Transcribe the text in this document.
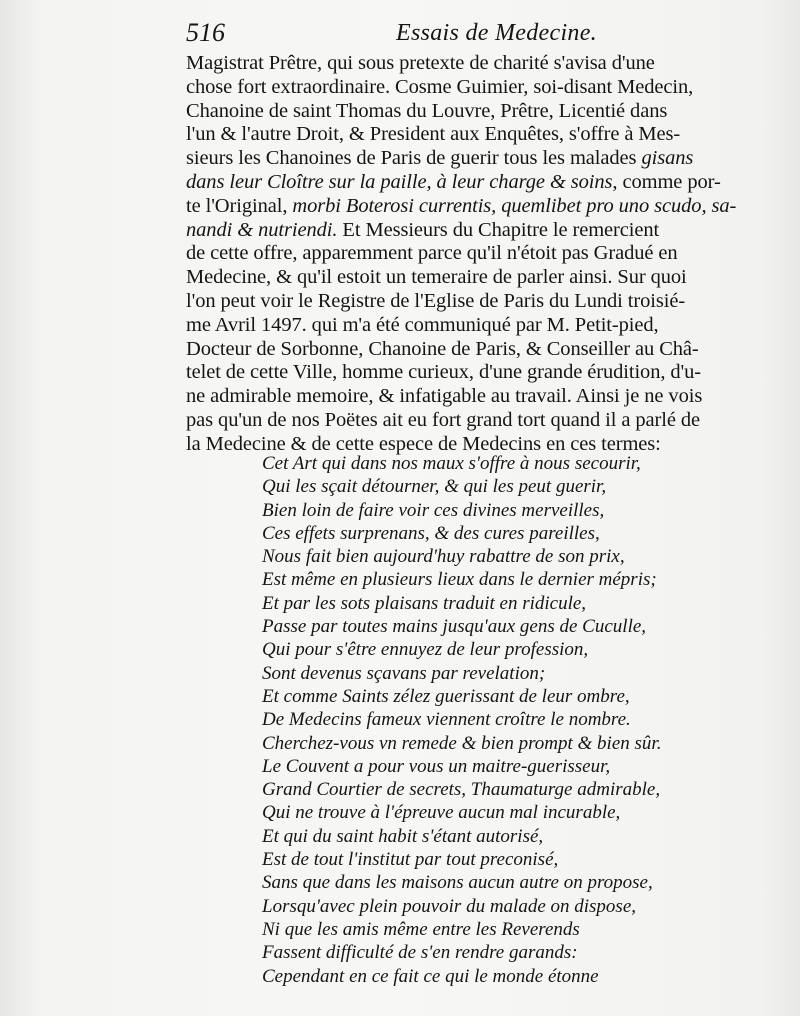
516	Essais de Medecine.
Magistrat Prêtre, qui sous pretexte de charité s'avisa d'une
chose fort extraordinaire. Cosme Guimier, soi-disant Medecin,
Chanoine de saint Thomas du Louvre, Prêtre, Licentié dans
l'un & l'autre Droit, & President aux Enquêtes, s'offre à Mes-
sieurs les Chanoines de Paris de guerir tous les malades gisans
dans leur Cloître sur la paille, à leur charge & soins, comme por-
te l'Original, morbi Boterosi currentis, quemlibet pro uno scudo, sa-
nandi & nutriendi. Et Messieurs du Chapitre le remercient
de cette offre, apparemment parce qu'il n'étoit pas Gradué en
Medecine, & qu'il estoit un temeraire de parler ainsi. Sur quoi
l'on peut voir le Registre de l'Eglise de Paris du Lundi troisié-
me Avril 1497. qui m'a été communiqué par M. Petit-pied,
Docteur de Sorbonne, Chanoine de Paris, & Conseiller au Châ-
telet de cette Ville, homme curieux, d'une grande érudition, d'u-
ne admirable memoire, & infatigable au travail. Ainsi je ne vois
pas qu'un de nos Poëtes ait eu fort grand tort quand il a parlé de
la Medecine & de cette espece de Medecins en ces termes:
Cet Art qui dans nos maux s'offre à nous secourir,
Qui les sçait détourner, & qui les peut guerir,
Bien loin de faire voir ces divines merveilles,
Ces effets surprenans, & des cures pareilles,
Nous fait bien aujourd'huy rabattre de son prix,
Est même en plusieurs lieux dans le dernier mépris;
Et par les sots plaisans traduit en ridicule,
Passe par toutes mains jusqu'aux gens de Cuculle,
Qui pour s'être ennuyez de leur profession,
Sont devenus sçavans par revelation;
Et comme Saints zélez guerissant de leur ombre,
De Medecins fameux viennent croître le nombre.
Cherchez-vous vn remede & bien prompt & bien sûr.
Le Couvent a pour vous un maitre-guerisseur,
Grand Courtier de secrets, Thaumaturge admirable,
Qui ne trouve à l'épreuve aucun mal incurable,
Et qui du saint habit s'étant autorisé,
Est de tout l'institut par tout preconisé,
Sans que dans les maisons aucun autre on propose,
Lorsqu'avec plein pouvoir du malade on dispose,
Ni que les amis même entre les Reverends
Fassent difficulté de s'en rendre garands:
Cependant en ce fait ce qui le monde étonne
